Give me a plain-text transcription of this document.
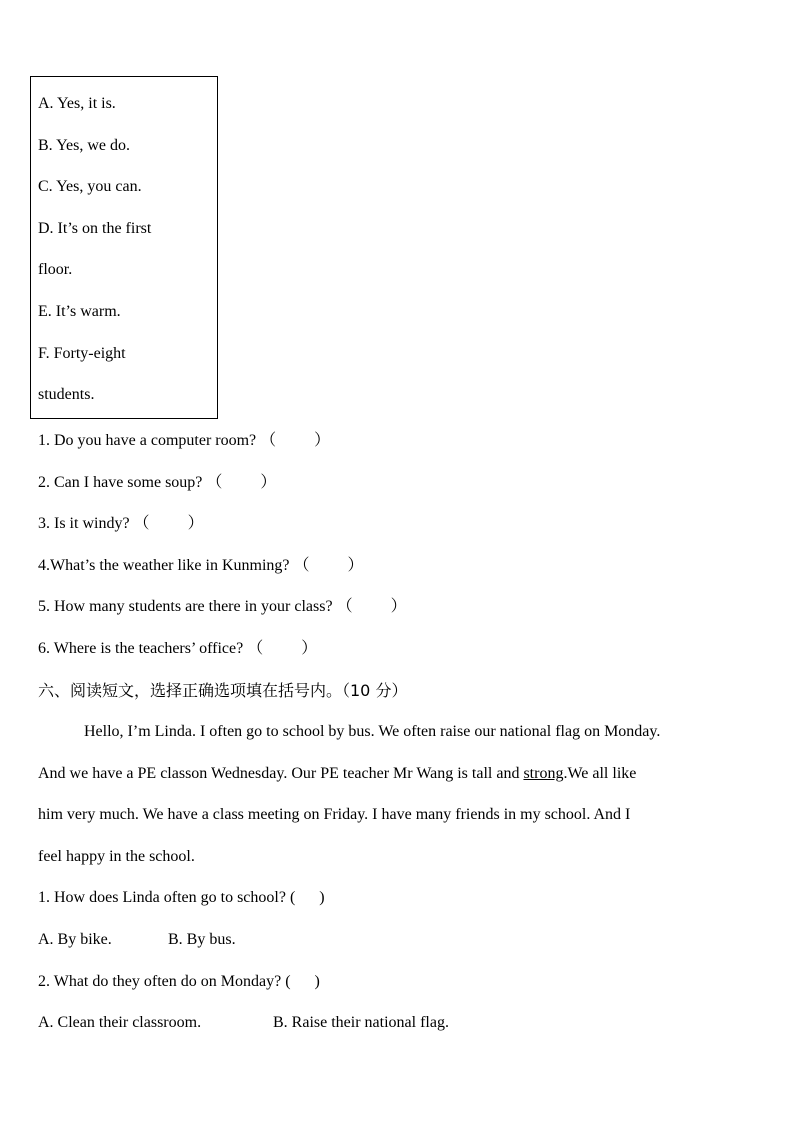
A. Yes, it is.
B. Yes, we do.
C. Yes, you can.
D. It’s on the first
floor.
E. It’s warm.
F. Forty-eight
students.
1. Do you have a computer room? （ ）
2. Can I have some soup? （ ）
3. Is it windy? （ ）
4.What’s the weather like in Kunming? （ ）
5. How many students are there in your class? （ ）
6. Where is the teachers’ office? （ ）
六、阅读短文，选择正确选项填在括号内。（10 分）
Hello, I’m Linda. I often go to school by bus. We often raise our national flag on Monday.
And we have a PE classon Wednesday. Our PE teacher Mr Wang is tall and strong.We all like
him very much. We have a class meeting on Friday. I have many friends in my school. And I
feel happy in the school.
1. How does Linda often go to school? ( )
A. By bike.	B. By bus.
2. What do they often do on Monday? ( )
A. Clean their classroom.	B. Raise their national flag.
